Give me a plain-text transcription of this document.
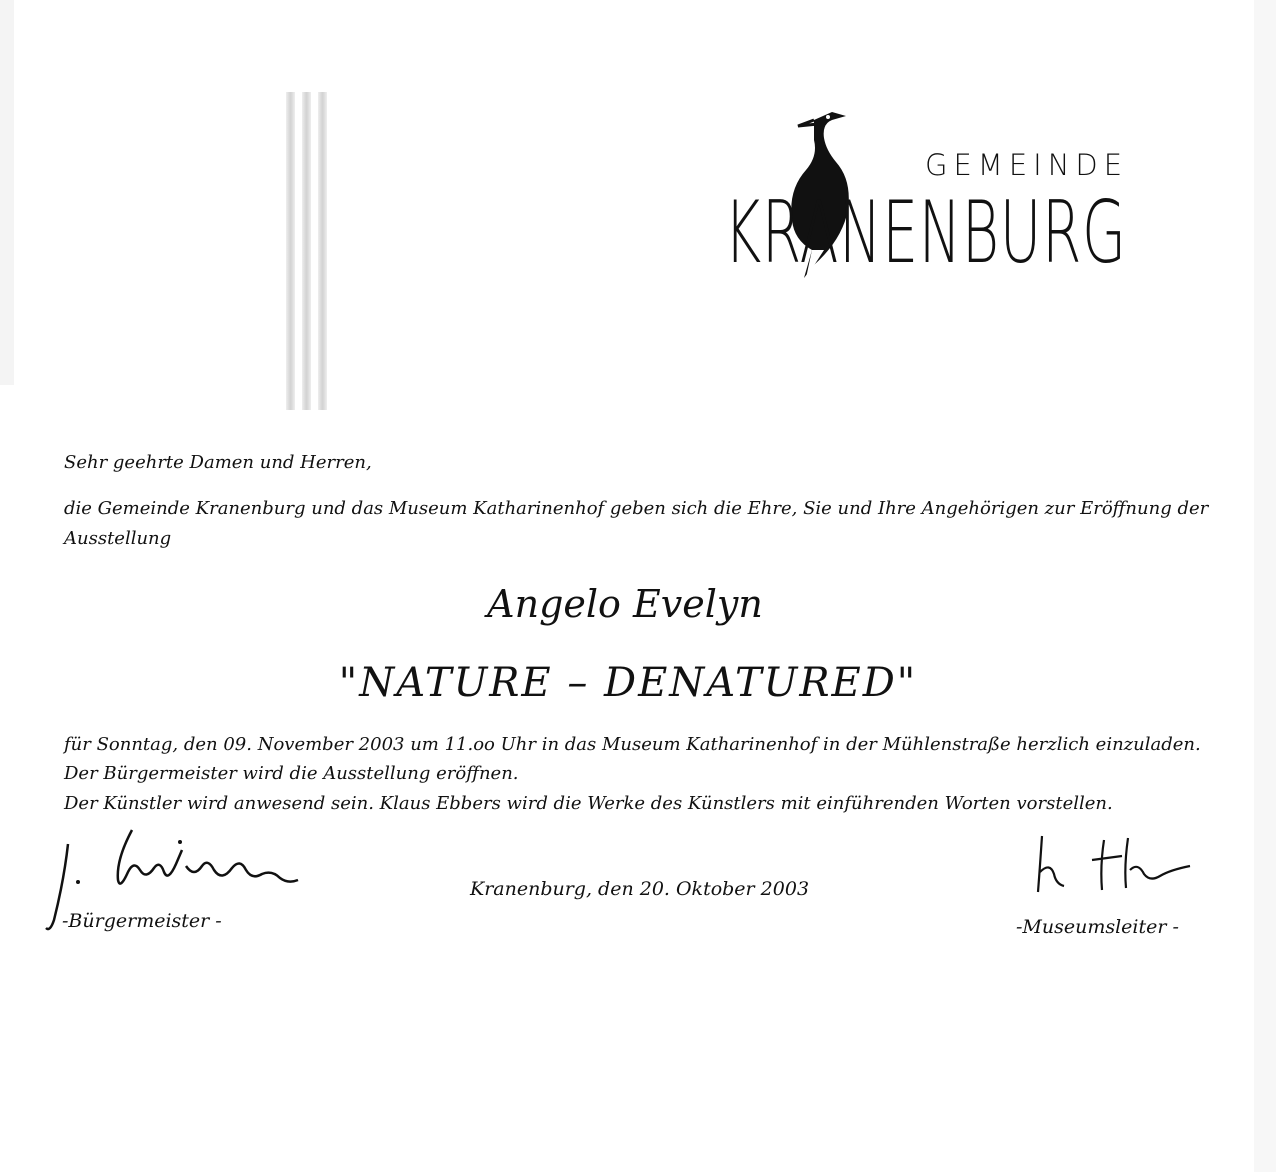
GEMEINDE
KRANENBURG
Sehr geehrte Damen und Herren,
die Gemeinde Kranenburg und das Museum Katharinenhof geben sich die Ehre, Sie und Ihre Angehörigen zur Eröffnung der
Ausstellung
Angelo Evelyn
"NATURE – DENATURED"
für Sonntag, den 09. November 2003 um 11.oo Uhr in das Museum Katharinenhof in der Mühlenstraße herzlich einzuladen.
Der Bürgermeister wird die Ausstellung eröffnen.
Der Künstler wird anwesend sein. Klaus Ebbers wird die Werke des Künstlers mit einführenden Worten vorstellen.
Kranenburg, den 20. Oktober 2003
-Bürgermeister -	-Museumsleiter -
